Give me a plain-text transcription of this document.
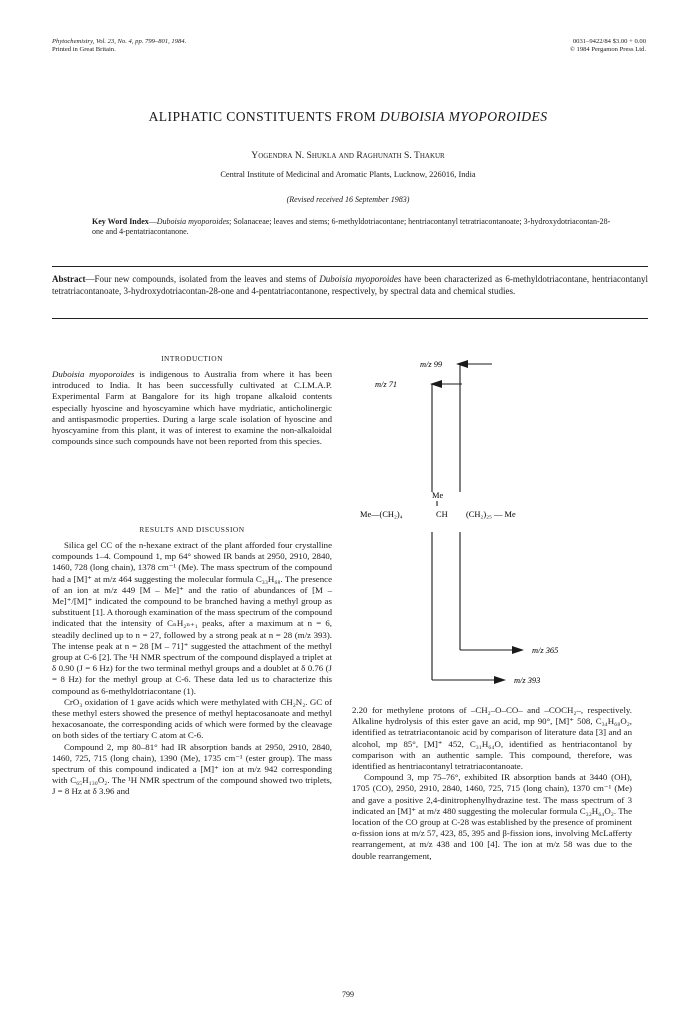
Phytochemistry, Vol. 23, No. 4, pp. 799–801, 1984.
Printed in Great Britain.
0031–9422/84 $3.00 + 0.00
© 1984 Pergamon Press Ltd.
ALIPHATIC CONSTITUENTS FROM DUBOISIA MYOPOROIDES
Yogendra N. Shukla and Raghunath S. Thakur
Central Institute of Medicinal and Aromatic Plants, Lucknow, 226016, India
(Revised received 16 September 1983)
Key Word Index—Duboisia myoporoides; Solanaceae; leaves and stems; 6-methyldotriacontane; hentriacontanyl tetratriacontanoate; 3-hydroxydotriacontan-28-one and 4-pentatriacontanone.
Abstract—Four new compounds, isolated from the leaves and stems of Duboisia myoporoides have been characterized as 6-methyldotriacontane, hentriacontanyl tetratriacontanoate, 3-hydroxydotriacontan-28-one and 4-pentatriacontanone, respectively, by spectral data and chemical studies.
INTRODUCTION

Duboisia myoporoides is indigenous to Australia from where it has been introduced to India. It has been successfully cultivated at C.I.M.A.P. Experimental Farm at Bangalore for its high tropane alkaloid contents especially hyoscine and hyoscyamine which have mydriatic, anticholinergic and antispasmodic properties. During a large scale isolation of hyoscine and hyoscyamine from this plant, it was of interest to examine the non-alkaloidal compounds since such compounds have not been reported from this species.

RESULTS AND DISCUSSION

Silica gel CC of the n-hexane extract of the plant afforded four crystalline compounds 1–4. Compound 1, mp 64° showed IR bands at 2950, 2910, 2840, 1460, 728 (long chain), 1378 cm⁻¹ (Me). The mass spectrum of the compound had a [M]⁺ at m/z 464 suggesting the molecular formula C₃₃H₆₈. The presence of an ion at m/z 449 [M – Me]⁺ and the ratio of abundances of [M – Me]⁺/[M]⁺ indicated the compound to be branched having a methyl group as substituent [1]. A thorough examination of the mass spectrum of the compound indicated that the intensity of CₙH₂ₙ₊₁ peaks, after a maximum at n = 6, steadily declined up to n = 27, followed by a strong peak at n = 28 (m/z 393). The intense peak at n = 28 [M – 71]⁺ suggested the attachment of the methyl group at C-6 [2]. The ¹H NMR spectrum of the compound displayed a triplet at δ 0.90 (J = 6 Hz) for the two terminal methyl groups and a doublet at δ 0.76 (J = 8 Hz) for the methyl group at C-6. These data led us to characterize this compound as 6-methyldotriacontane (1).

CrO₃ oxidation of 1 gave acids which were methylated with CH₂N₂. GC of these methyl esters showed the presence of methyl heptacosanoate and methyl hexacosanoate, the corresponding acids of which were formed by the cleavage on both sides of the tertiary C atom at C-6.

Compound 2, mp 80–81° had IR absorption bands at 2950, 2910, 2840, 1460, 725, 715 (long chain), 1390 (Me), 1735 cm⁻¹ (ester group). The mass spectrum of this compound indicated a [M]⁺ ion at m/z 942 corresponding with C₆₅H₁₃₀O₂. The ¹H NMR spectrum of the compound showed two triplets, J = 8 Hz at δ 3.96 and

m/z 99
m/z 71
m/z 365
m/z 393
Me
Me—(CH₂)₄	CH (CH₂)₂₅ — Me

2.20 for methylene protons of –CH₂–O–CO– and –COCH₂–, respectively. Alkaline hydrolysis of this ester gave an acid, mp 90°, [M]⁺ 508, C₃₄H₆₈O₂, identified as tetratriacontanoic acid by comparison of literature data [3] and an alcohol, mp 85°, [M]⁺ 452, C₃₁H₆₄O, identified as hentriacontanol by comparison with an authentic sample. This compound, therefore, was identified as hentriacontanyl tetratriacontanoate.

Compound 3, mp 75–76°, exhibited IR absorption bands at 3440 (OH), 1705 (CO), 2950, 2910, 2840, 1460, 725, 715 (long chain), 1370 cm⁻¹ (Me) and gave a positive 2,4-dinitrophenylhydrazine test. The mass spectrum of 3 indicated an [M]⁺ at m/z 480 suggesting the molecular formula C₃₂H₆₄O₂. The location of the CO group at C-28 was established by the presence of prominent α-fission ions at m/z 57, 423, 85, 395 and β-fission ions, involving McLafferty rearrangement, at m/z 438 and 100 [4]. The ion at m/z 58 was due to the double rearrangement,

799
